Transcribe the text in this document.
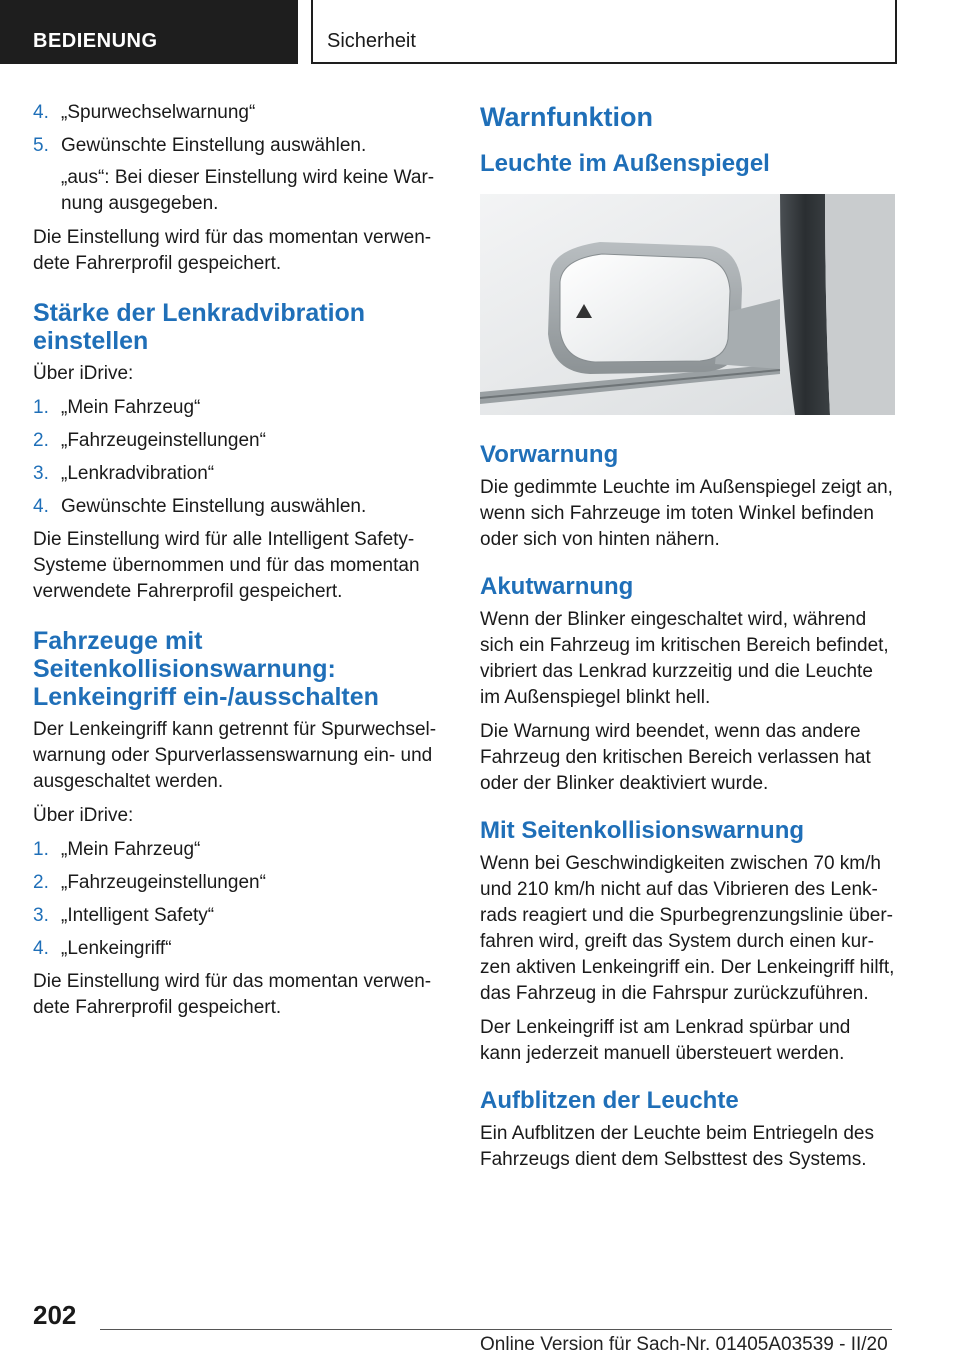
BEDIENUNG	Sicherheit
4. „Spurwechselwarnung“
5. Gewünschte Einstellung auswählen.
„aus“: Bei dieser Einstellung wird keine Warnung ausgegeben.

Die Einstellung wird für das momentan verwendete Fahrerprofil gespeichert.

Stärke der Lenkradvibration einstellen

Über iDrive:

1. „Mein Fahrzeug“
2. „Fahrzeugeinstellungen“
3. „Lenkradvibration“
4. Gewünschte Einstellung auswählen.

Die Einstellung wird für alle Intelligent Safety-Systeme übernommen und für das momentan verwendete Fahrerprofil gespeichert.

Fahrzeuge mit Seitenkollisionswarnung: Lenkeingriff ein-/ausschalten

Der Lenkeingriff kann getrennt für Spurwechselwarnung oder Spurverlassenswarnung ein- und ausgeschaltet werden.

Über iDrive:

1. „Mein Fahrzeug“
2. „Fahrzeugeinstellungen“
3. „Intelligent Safety“
4. „Lenkeingriff“

Die Einstellung wird für das momentan verwendete Fahrerprofil gespeichert.

Warnfunktion
Leuchte im Außenspiegel
Vorwarnung

Die gedimmte Leuchte im Außenspiegel zeigt an, wenn sich Fahrzeuge im toten Winkel befinden oder sich von hinten nähern.

Akutwarnung

Wenn der Blinker eingeschaltet wird, während sich ein Fahrzeug im kritischen Bereich befindet, vibriert das Lenkrad kurzzeitig und die Leuchte im Außenspiegel blinkt hell.

Die Warnung wird beendet, wenn das andere Fahrzeug den kritischen Bereich verlassen hat oder der Blinker deaktiviert wurde.

Mit Seitenkollisionswarnung

Wenn bei Geschwindigkeiten zwischen 70 km/h und 210 km/h nicht auf das Vibrieren des Lenkrads reagiert und die Spurbegrenzungslinie überfahren wird, greift das System durch einen kurzen aktiven Lenkeingriff ein. Der Lenkeingriff hilft, das Fahrzeug in die Fahrspur zurückzuführen.

Der Lenkeingriff ist am Lenkrad spürbar und kann jederzeit manuell übersteuert werden.

Aufblitzen der Leuchte

Ein Aufblitzen der Leuchte beim Entriegeln des Fahrzeugs dient dem Selbsttest des Systems.

202
Online Version für Sach-Nr. 01405A03539 - II/20
